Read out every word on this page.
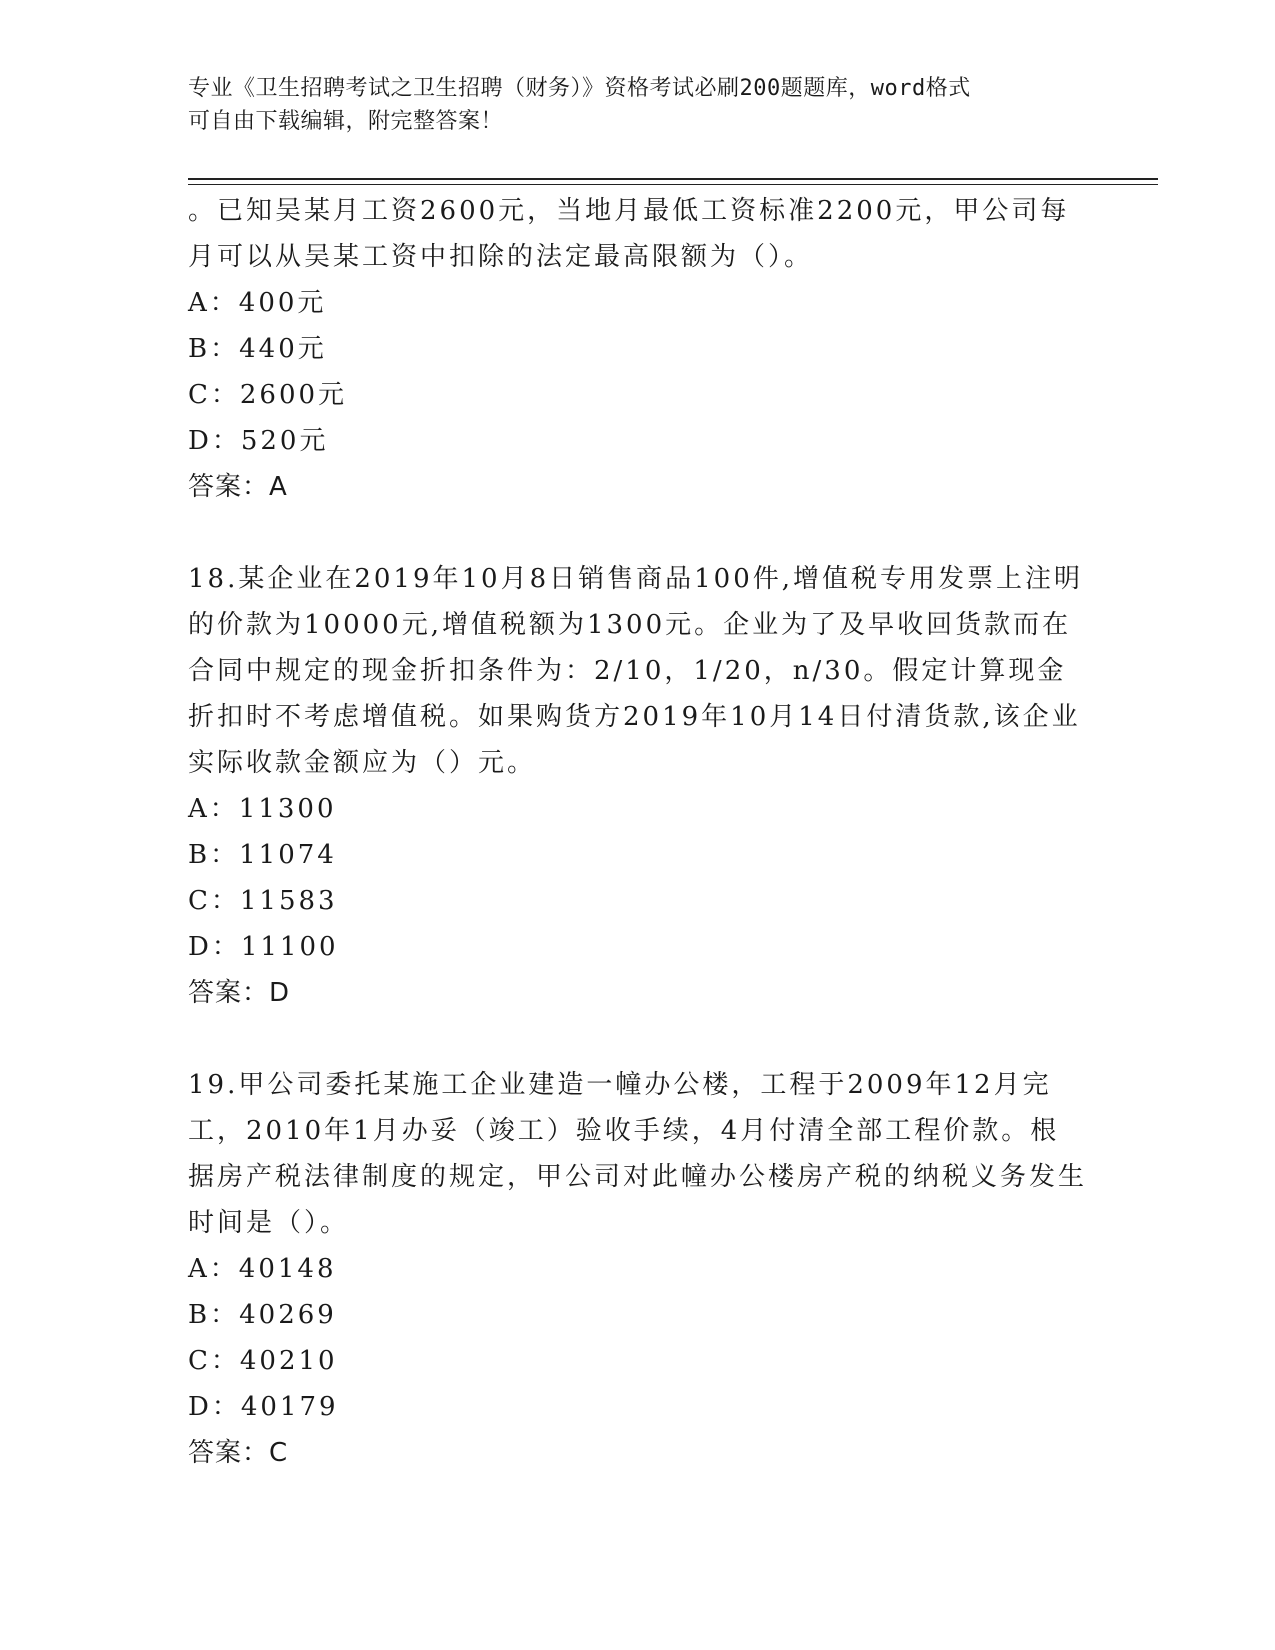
专业《卫生招聘考试之卫生招聘（财务）》资格考试必刷200题题库，word格式
可自由下载编辑，附完整答案！

。已知吴某月工资2600元，当地月最低工资标准2200元，甲公司每月可以从吴某工资中扣除的法定最高限额为（）。

A：400元

B：440元

C：2600元

D：520元

答案：A

18.某企业在2019年10月8日销售商品100件,增值税专用发票上注明的价款为10000元,增值税额为1300元。企业为了及早收回货款而在合同中规定的现金折扣条件为：2/10，1/20，n/30。假定计算现金折扣时不考虑增值税。如果购货方2019年10月14日付清货款,该企业实际收款金额应为（）元。

A：11300

B：11074

C：11583

D：11100

答案：D

19.甲公司委托某施工企业建造一幢办公楼，工程于2009年12月完工，2010年1月办妥（竣工）验收手续，4月付清全部工程价款。根据房产税法律制度的规定，甲公司对此幢办公楼房产税的纳税义务发生时间是（）。

A：40148

B：40269

C：40210

D：40179

答案：C
